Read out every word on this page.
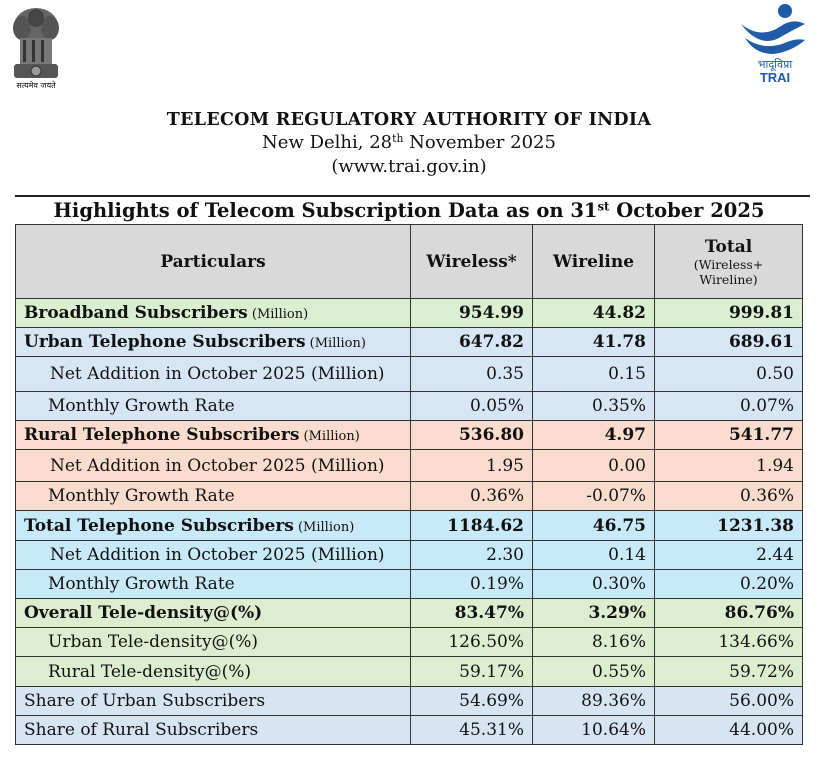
सत्यमेव जयते
भादूविप्रा
TRAI
TELECOM REGULATORY AUTHORITY OF INDIA
New Delhi, 28th November 2025
(www.trai.gov.in)
Highlights of Telecom Subscription Data as on 31st October 2025
Particulars	Wireless*	Wireline	Total
(Wireless+
Wireline)

Broadband Subscribers (Million)	954.99	44.82	999.81
Urban Telephone Subscribers (Million)	647.82	41.78	689.61
Net Addition in October 2025 (Million)	0.35	0.15	0.50
Monthly Growth Rate	0.05%	0.35%	0.07%
Rural Telephone Subscribers (Million)	536.80	4.97	541.77
Net Addition in October 2025 (Million)	1.95	0.00	1.94
Monthly Growth Rate	0.36%	-0.07%	0.36%
Total Telephone Subscribers (Million)	1184.62	46.75	1231.38
Net Addition in October 2025 (Million)	2.30	0.14	2.44
Monthly Growth Rate	0.19%	0.30%	0.20%
Overall Tele-density@(%)	83.47%	3.29%	86.76%
Urban Tele-density@(%)	126.50%	8.16%	134.66%
Rural Tele-density@(%)	59.17%	0.55%	59.72%
Share of Urban Subscribers	54.69%	89.36%	56.00%
Share of Rural Subscribers	45.31%	10.64%	44.00%
